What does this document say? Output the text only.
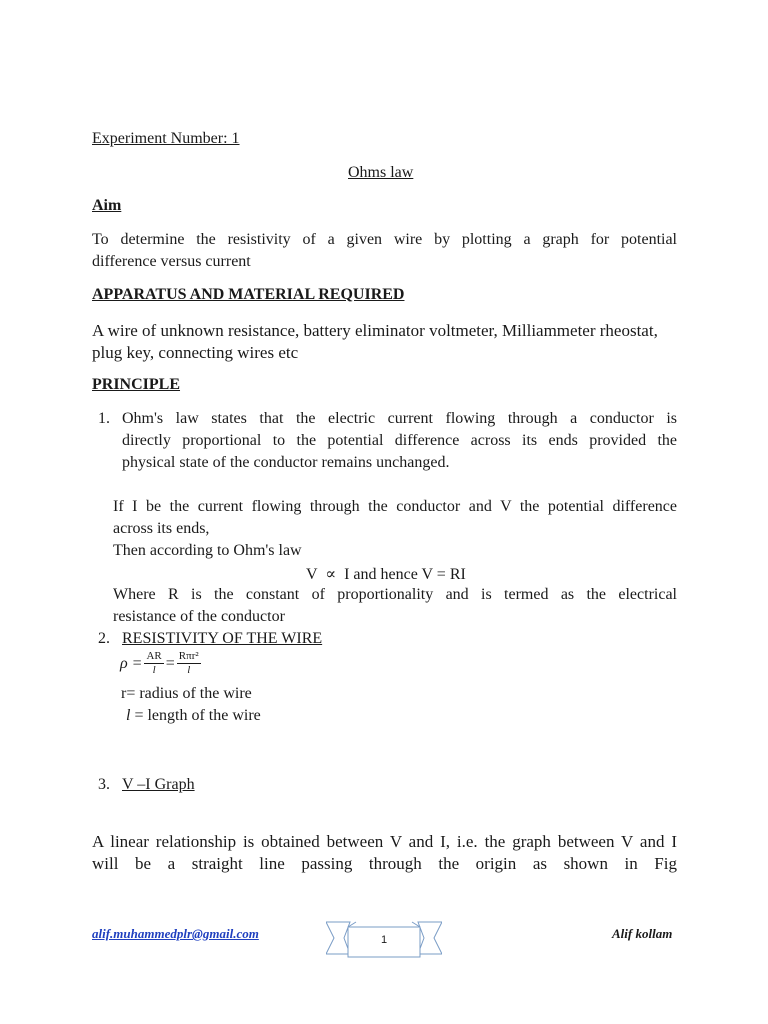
Experiment Number: 1
Ohms law
Aim
To determine the resistivity of a given wire by plotting a graph for potential
difference versus current
APPARATUS AND MATERIAL REQUIRED
A wire of unknown resistance, battery eliminator voltmeter, Milliammeter rheostat,
plug key, connecting wires etc
PRINCIPLE
1. Ohm's law states that the electric current flowing through a conductor is
directly proportional to the potential difference across its ends provided the
physical state of the conductor remains unchanged.
If I be the current flowing through the conductor and V the potential difference
across its ends,
Then according to Ohm's law
V  ∝  I and hence V = RI
Where R is the constant of proportionality and is termed as the electrical
resistance of the conductor
2. RESISTIVITY OF THE WIRE
$\rho = \frac{AR}{l} = \frac{\text{Rπr²}}{l}$
r= radius of the wire
l = length of the wire
3. V –I Graph
A linear relationship is obtained between V and I, i.e. the graph between V and I
will be a straight line passing through the origin as shown in Fig
alif.muhammedplr@gmail.com	1	Alif kollam
